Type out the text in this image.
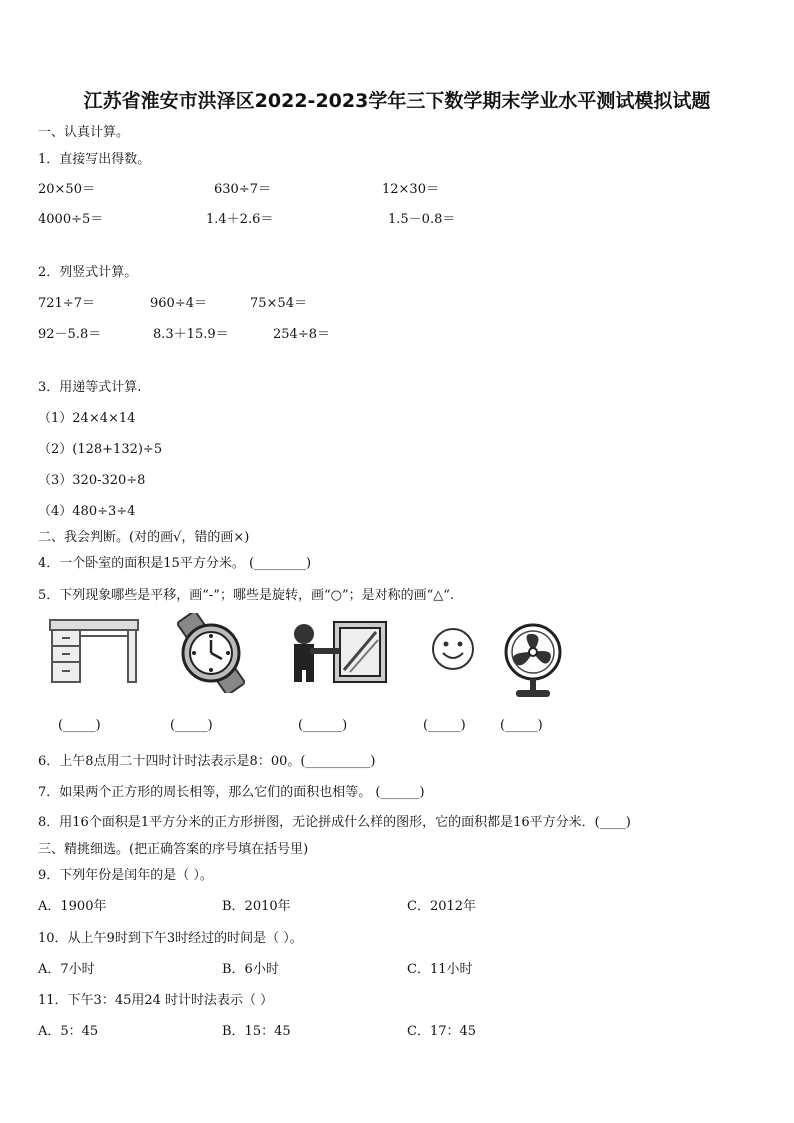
江苏省淮安市洪泽区2022-2023学年三下数学期末学业水平测试模拟试题
一、认真计算。
1．直接写出得数。
20×50＝	630÷7＝	12×30＝
4000÷5＝	1.4＋2.6＝	1.5－0.8＝
2．列竖式计算。
721÷7＝	960÷4＝	75×54＝
92－5.8＝	8.3＋15.9＝	254÷8＝
3．用递等式计算.
（1）24×4×14
（2）(128+132)÷5
（3）320-320÷8
（4）480÷3÷4
二、我会判断。(对的画√，错的画×)
4．一个卧室的面积是15平方分米。 (________)
5．下列现象哪些是平移，画“-”；哪些是旋转，画“○”；是对称的画“△“.
(_____)	(_____)	(______)	(_____)	(_____)
6．上午8点用二十四时计时法表示是8：00。(__________)
7．如果两个正方形的周长相等，那么它们的面积也相等。 (______)
8．用16个面积是1平方分米的正方形拼图，无论拼成什么样的图形，它的面积都是16平方分米．(____)
三、精挑细选。(把正确答案的序号填在括号里)
9．下列年份是闰年的是（ ）。
A．1900年	B．2010年	C．2012年
10．从上午9时到下午3时经过的时间是（ ）。
A．7小时	B．6小时	C．11小时
11．下午3：45用24 时计时法表示（ ）
A．5：45	B．15：45	C．17：45
